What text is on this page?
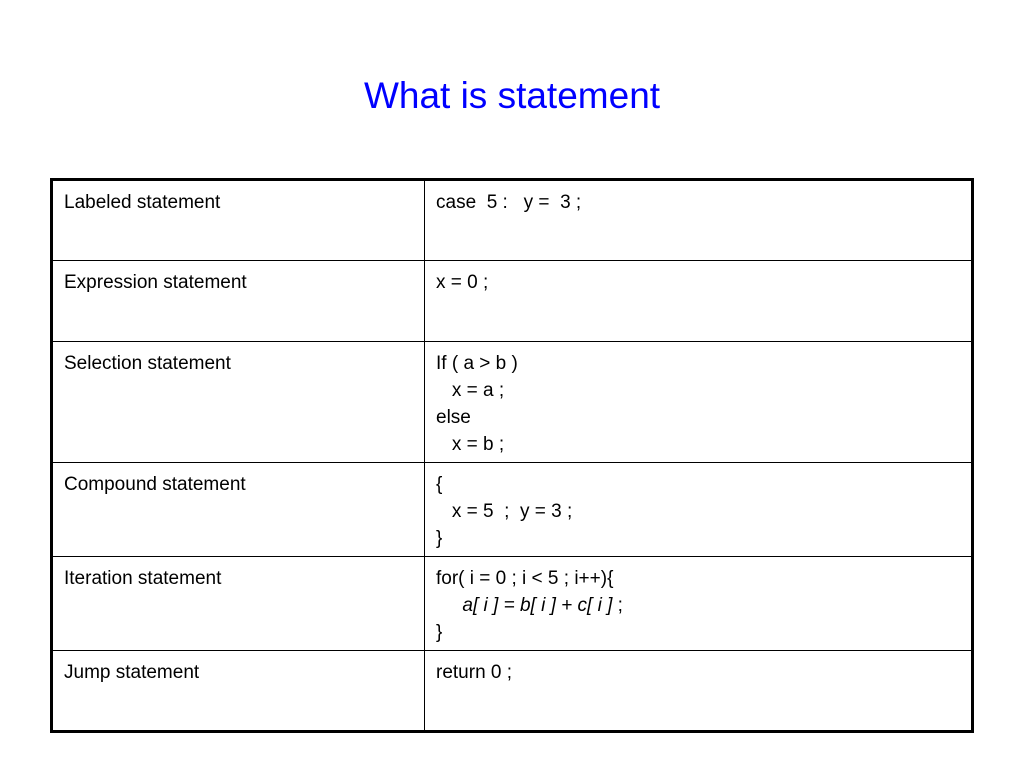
What is statement
Labeled statement	case  5 :   y =  3 ;

Expression statement	x = 0 ;

Selection statement	If ( a > b )
x = a ;
else
x = b ;

Compound statement	{
x = 5  ;  y = 3 ;
}

Iteration statement	for( i = 0 ; i < 5 ; i++){
a[ i ] = b[ i ] + c[ i ] ;
}

Jump statement	return 0 ;
